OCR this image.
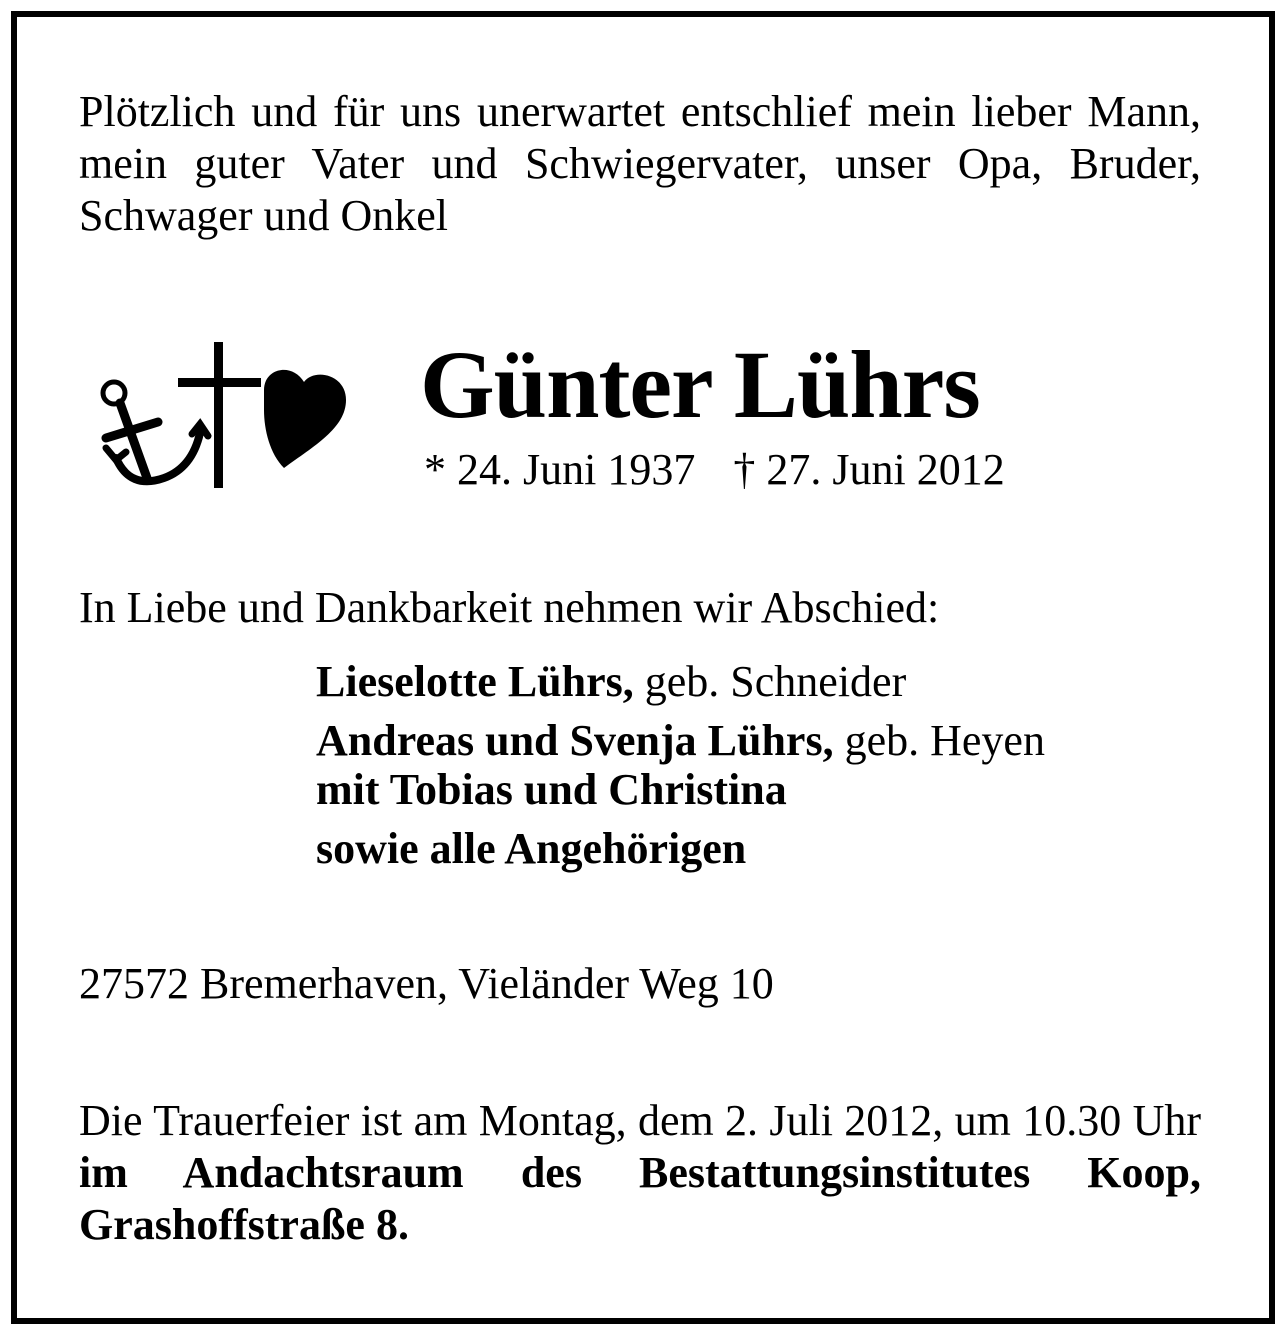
Plötzlich und für uns unerwartet entschlief mein lieber Mann, mein guter Vater und Schwiegervater, unser Opa, Bruder, Schwager und Onkel
Günter Lührs
* 24. Juni 1937 † 27. Juni 2012
In Liebe und Dankbarkeit nehmen wir Abschied:
Lieselotte Lührs, geb. Schneider
Andreas und Svenja Lührs, geb. Heyen
mit Tobias und Christina
sowie alle Angehörigen
27572 Bremerhaven, Vieländer Weg 10
Die Trauerfeier ist am Montag, dem 2. Juli 2012, um 10.30 Uhr im Andachtsraum des Bestattungsinstitutes Koop, Grashoffstraße 8.
